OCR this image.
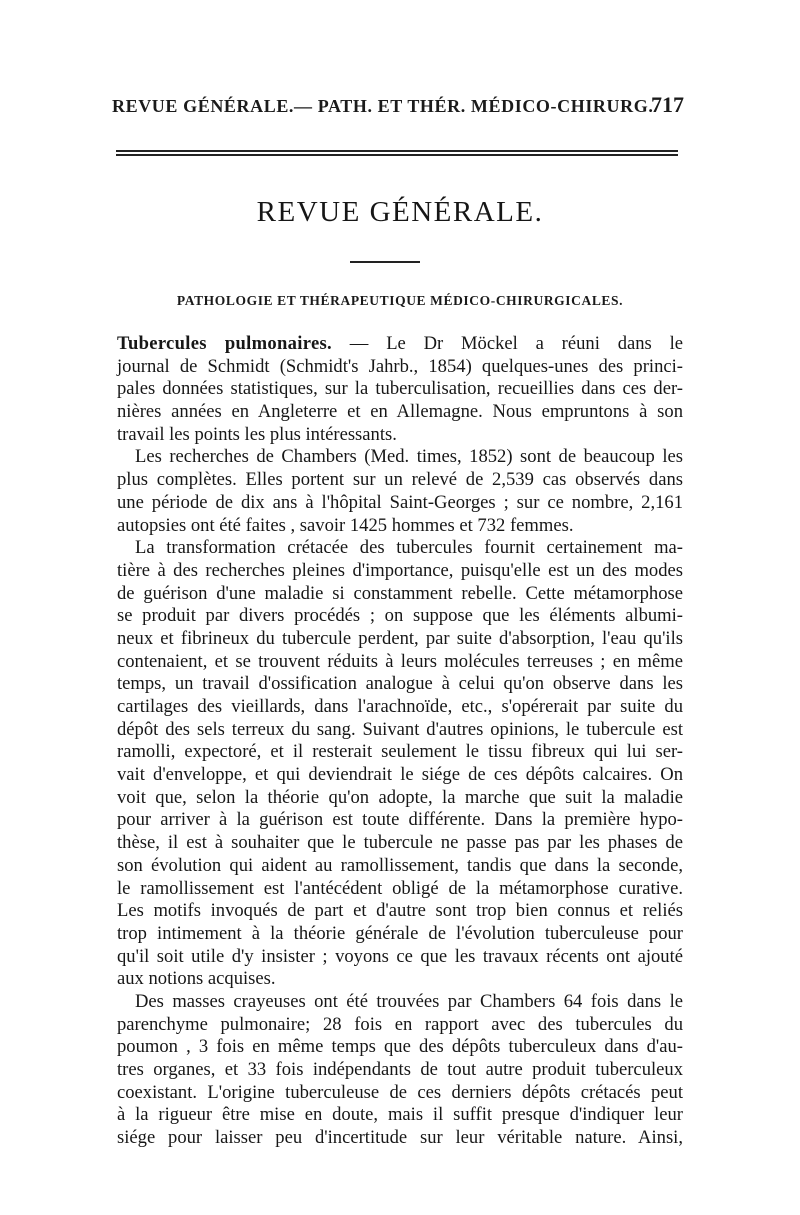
REVUE GÉNÉRALE.— PATH. ET THÉR. MÉDICO-CHIRURG.
717
REVUE GÉNÉRALE.
PATHOLOGIE ET THÉRAPEUTIQUE MÉDICO-CHIRURGICALES.
Tubercules pulmonaires. — Le Dr Möckel a réuni dans le
journal de Schmidt (Schmidt's Jahrb., 1854) quelques-unes des princi-
pales données statistiques, sur la tuberculisation, recueillies dans ces der-
nières années en Angleterre et en Allemagne. Nous empruntons à son
travail les points les plus intéressants.
Les recherches de Chambers (Med. times, 1852) sont de beaucoup les
plus complètes. Elles portent sur un relevé de 2,539 cas observés dans
une période de dix ans à l'hôpital Saint-Georges ; sur ce nombre, 2,161
autopsies ont été faites , savoir 1425 hommes et 732 femmes.
La transformation crétacée des tubercules fournit certainement ma-
tière à des recherches pleines d'importance, puisqu'elle est un des modes
de guérison d'une maladie si constamment rebelle. Cette métamorphose
se produit par divers procédés ; on suppose que les éléments albumi-
neux et fibrineux du tubercule perdent, par suite d'absorption, l'eau qu'ils
contenaient, et se trouvent réduits à leurs molécules terreuses ; en même
temps, un travail d'ossification analogue à celui qu'on observe dans les
cartilages des vieillards, dans l'arachnoïde, etc., s'opérerait par suite du
dépôt des sels terreux du sang. Suivant d'autres opinions, le tubercule est
ramolli, expectoré, et il resterait seulement le tissu fibreux qui lui ser-
vait d'enveloppe, et qui deviendrait le siége de ces dépôts calcaires. On
voit que, selon la théorie qu'on adopte, la marche que suit la maladie
pour arriver à la guérison est toute différente. Dans la première hypo-
thèse, il est à souhaiter que le tubercule ne passe pas par les phases de
son évolution qui aident au ramollissement, tandis que dans la seconde,
le ramollissement est l'antécédent obligé de la métamorphose curative.
Les motifs invoqués de part et d'autre sont trop bien connus et reliés
trop intimement à la théorie générale de l'évolution tuberculeuse pour
qu'il soit utile d'y insister ; voyons ce que les travaux récents ont ajouté
aux notions acquises.
Des masses crayeuses ont été trouvées par Chambers 64 fois dans le
parenchyme pulmonaire; 28 fois en rapport avec des tubercules du
poumon , 3 fois en même temps que des dépôts tuberculeux dans d'au-
tres organes, et 33 fois indépendants de tout autre produit tuberculeux
coexistant. L'origine tuberculeuse de ces derniers dépôts crétacés peut
à la rigueur être mise en doute, mais il suffit presque d'indiquer leur
siége pour laisser peu d'incertitude sur leur véritable nature. Ainsi,
